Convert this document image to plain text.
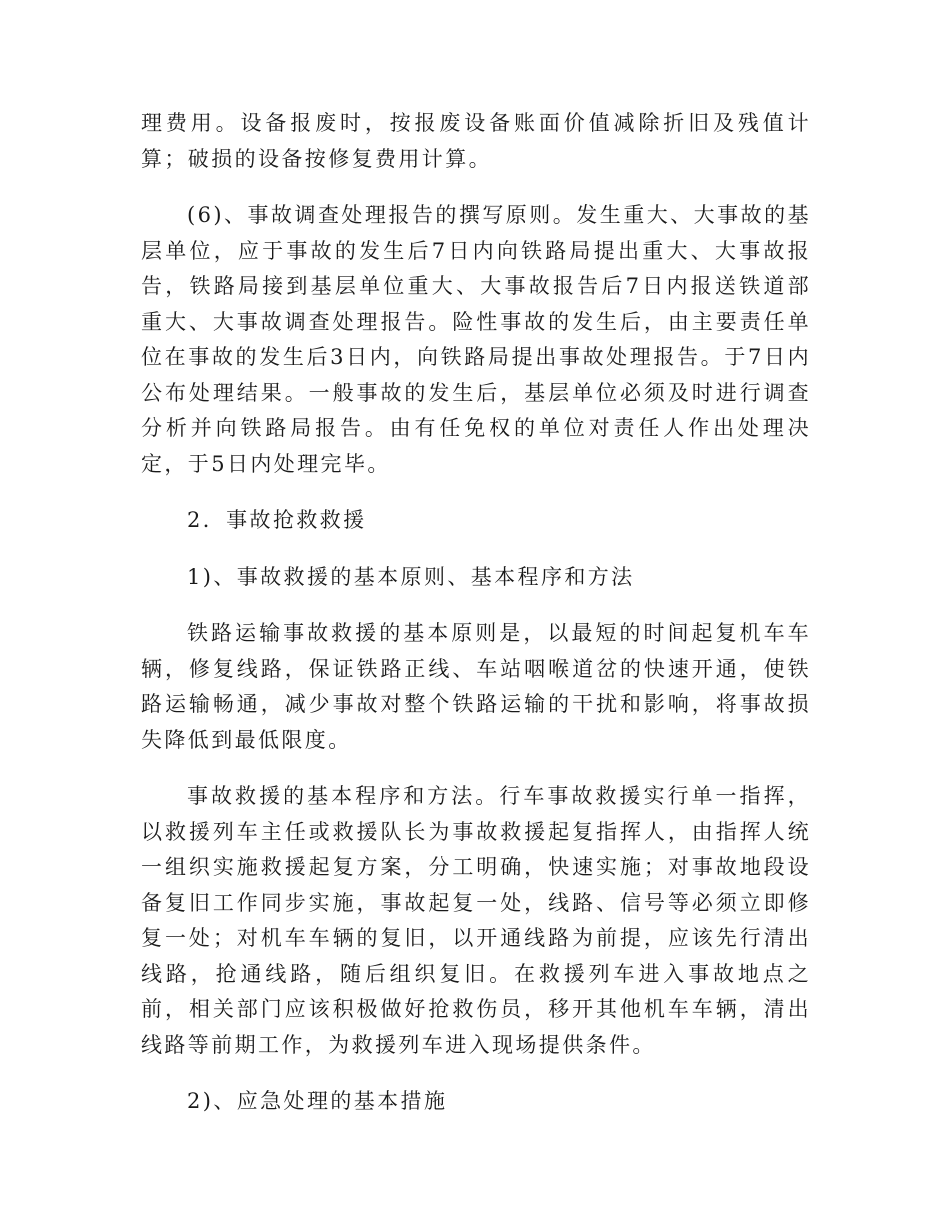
理费用。设备报废时，按报废设备账面价值减除折旧及残值计算；破损的设备按修复费用计算。

(6)、事故调查处理报告的撰写原则。发生重大、大事故的基层单位，应于事故的发生后7日内向铁路局提出重大、大事故报告，铁路局接到基层单位重大、大事故报告后7日内报送铁道部重大、大事故调查处理报告。险性事故的发生后，由主要责任单位在事故的发生后3日内，向铁路局提出事故处理报告。于7日内公布处理结果。一般事故的发生后，基层单位必须及时进行调查分析并向铁路局报告。由有任免权的单位对责任人作出处理决定，于5日内处理完毕。

2．事故抢救救援

1)、事故救援的基本原则、基本程序和方法

铁路运输事故救援的基本原则是，以最短的时间起复机车车辆，修复线路，保证铁路正线、车站咽喉道岔的快速开通，使铁路运输畅通，减少事故对整个铁路运输的干扰和影响，将事故损失降低到最低限度。

事故救援的基本程序和方法。行车事故救援实行单一指挥，以救援列车主任或救援队长为事故救援起复指挥人，由指挥人统一组织实施救援起复方案，分工明确，快速实施；对事故地段设备复旧工作同步实施，事故起复一处，线路、信号等必须立即修复一处；对机车车辆的复旧，以开通线路为前提，应该先行清出线路，抢通线路，随后组织复旧。在救援列车进入事故地点之前，相关部门应该积极做好抢救伤员，移开其他机车车辆，清出线路等前期工作，为救援列车进入现场提供条件。

2)、应急处理的基本措施
